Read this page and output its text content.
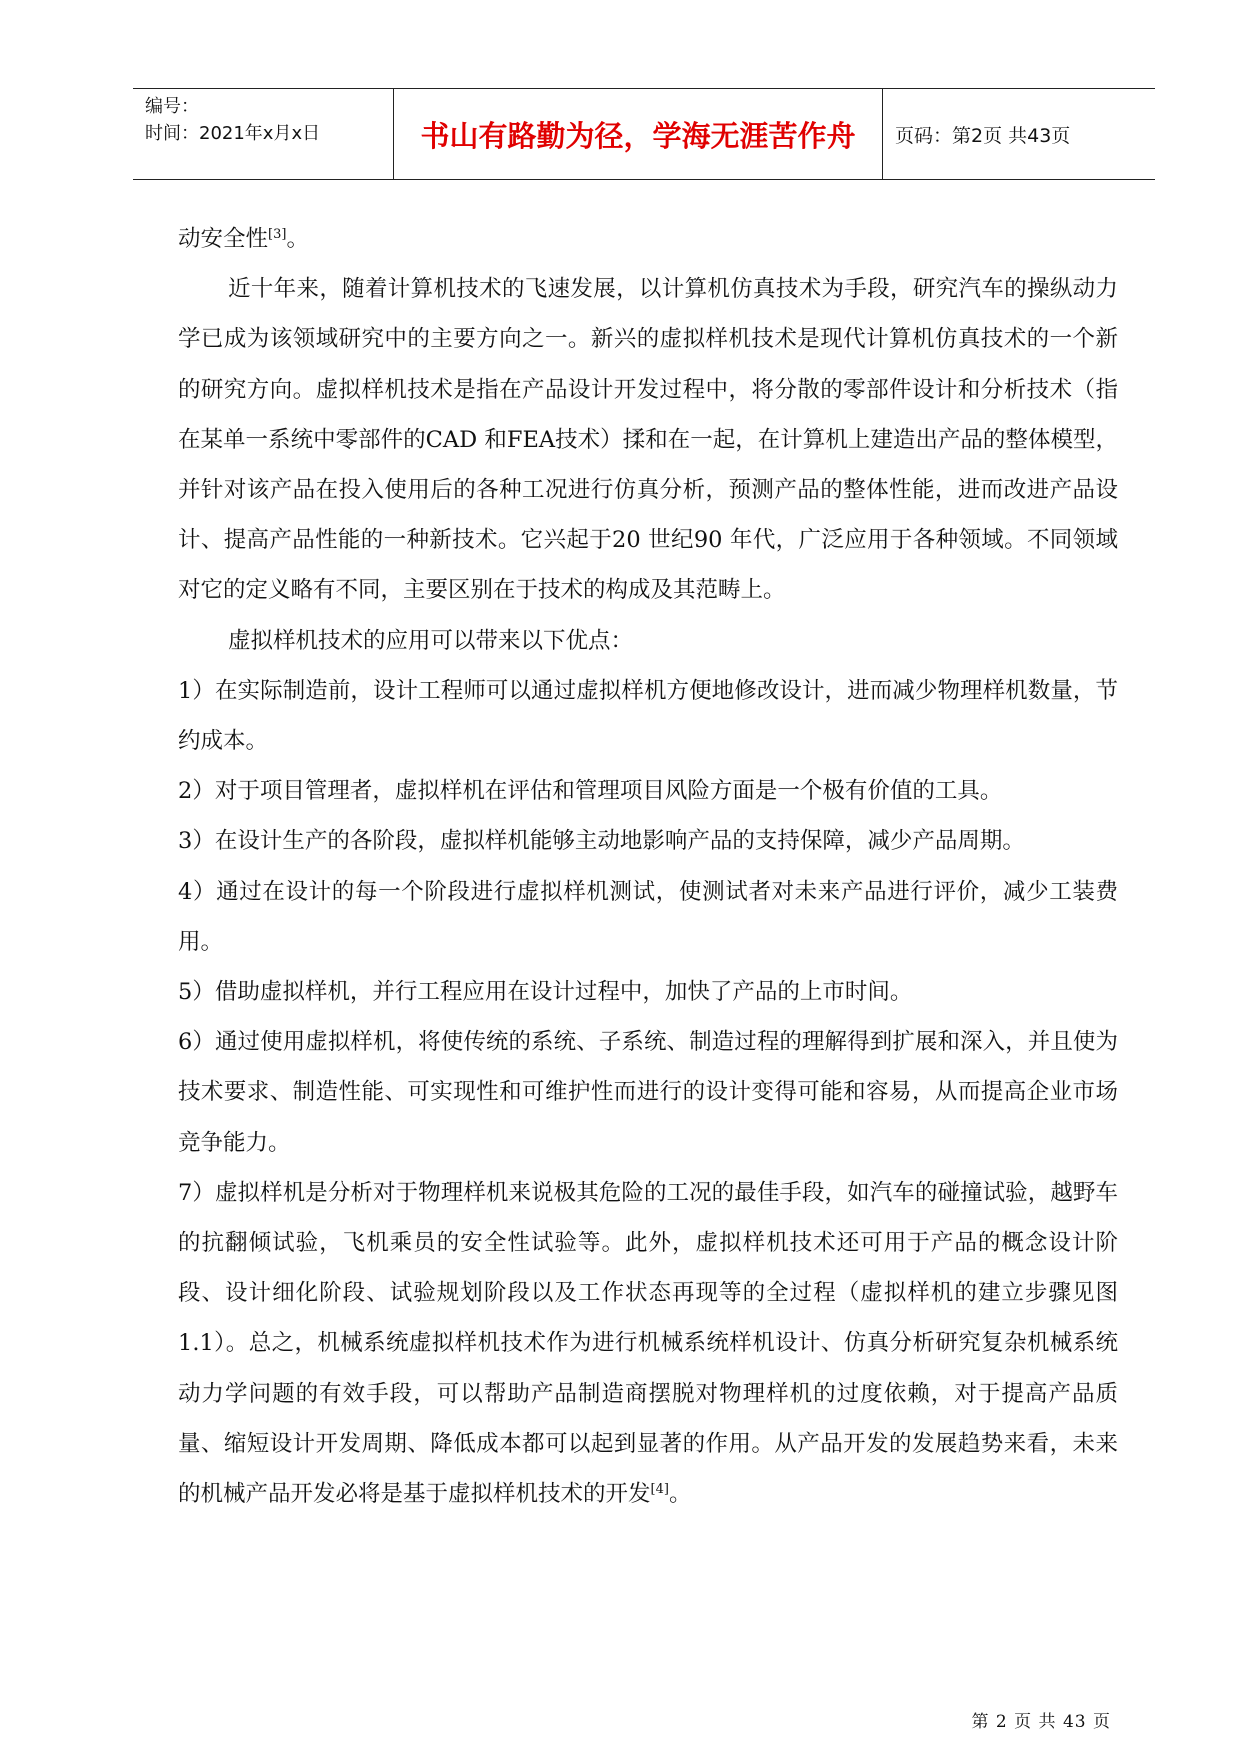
编号：
时间：2021年x月x日	书山有路勤为径，学海无涯苦作舟	页码：第2页 共43页

动安全性[3]。

近十年来，随着计算机技术的飞速发展，以计算机仿真技术为手段，研究汽车的操纵动力学已成为该领域研究中的主要方向之一。新兴的虚拟样机技术是现代计算机仿真技术的一个新的研究方向。虚拟样机技术是指在产品设计开发过程中，将分散的零部件设计和分析技术（指在某单一系统中零部件的CAD 和FEA技术）揉和在一起，在计算机上建造出产品的整体模型，并针对该产品在投入使用后的各种工况进行仿真分析，预测产品的整体性能，进而改进产品设计、提高产品性能的一种新技术。它兴起于20 世纪90 年代，广泛应用于各种领域。不同领域对它的定义略有不同，主要区别在于技术的构成及其范畴上。

虚拟样机技术的应用可以带来以下优点：

1）在实际制造前，设计工程师可以通过虚拟样机方便地修改设计，进而减少物理样机数量，节约成本。

2）对于项目管理者，虚拟样机在评估和管理项目风险方面是一个极有价值的工具。

3）在设计生产的各阶段，虚拟样机能够主动地影响产品的支持保障，减少产品周期。

4）通过在设计的每一个阶段进行虚拟样机测试，使测试者对未来产品进行评价，减少工装费用。

5）借助虚拟样机，并行工程应用在设计过程中，加快了产品的上市时间。

6）通过使用虚拟样机，将使传统的系统、子系统、制造过程的理解得到扩展和深入，并且使为技术要求、制造性能、可实现性和可维护性而进行的设计变得可能和容易，从而提高企业市场竞争能力。

7）虚拟样机是分析对于物理样机来说极其危险的工况的最佳手段，如汽车的碰撞试验，越野车的抗翻倾试验，飞机乘员的安全性试验等。此外，虚拟样机技术还可用于产品的概念设计阶段、设计细化阶段、试验规划阶段以及工作状态再现等的全过程（虚拟样机的建立步骤见图1.1）。总之，机械系统虚拟样机技术作为进行机械系统样机设计、仿真分析研究复杂机械系统动力学问题的有效手段，可以帮助产品制造商摆脱对物理样机的过度依赖，对于提高产品质量、缩短设计开发周期、降低成本都可以起到显著的作用。从产品开发的发展趋势来看，未来的机械产品开发必将是基于虚拟样机技术的开发[4]。

第 2 页 共 43 页
